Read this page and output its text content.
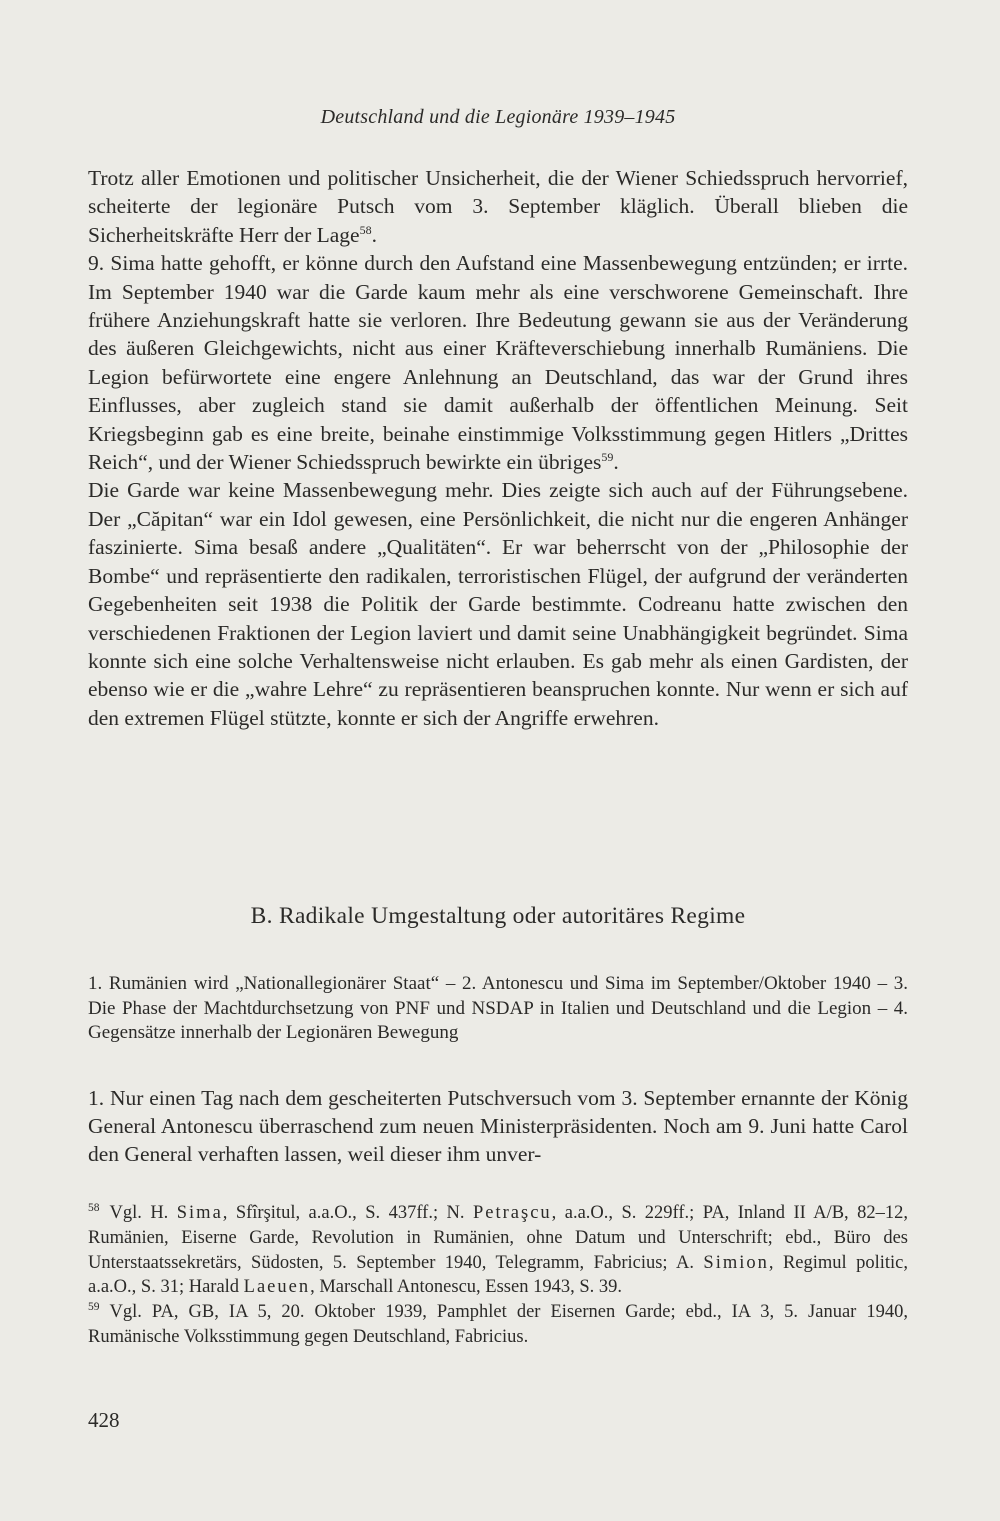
Deutschland und die Legionäre 1939–1945

Trotz aller Emotionen und politischer Unsicherheit, die der Wiener Schiedsspruch hervorrief, scheiterte der legionäre Putsch vom 3. September kläglich. Überall blieben die Sicherheitskräfte Herr der Lage$^{58}$.

9. Sima hatte gehofft, er könne durch den Aufstand eine Massenbewegung entzünden; er irrte. Im September 1940 war die Garde kaum mehr als eine verschworene Gemeinschaft. Ihre frühere Anziehungskraft hatte sie verloren. Ihre Bedeutung gewann sie aus der Veränderung des äußeren Gleichgewichts, nicht aus einer Kräfteverschiebung innerhalb Rumäniens. Die Legion befürwortete eine engere Anlehnung an Deutschland, das war der Grund ihres Einflusses, aber zugleich stand sie damit außerhalb der öffentlichen Meinung. Seit Kriegsbeginn gab es eine breite, beinahe einstimmige Volksstimmung gegen Hitlers „Drittes Reich“, und der Wiener Schiedsspruch bewirkte ein übriges$^{59}$.

Die Garde war keine Massenbewegung mehr. Dies zeigte sich auch auf der Führungsebene. Der „Căpitan“ war ein Idol gewesen, eine Persönlichkeit, die nicht nur die engeren Anhänger faszinierte. Sima besaß andere „Qualitäten“. Er war beherrscht von der „Philosophie der Bombe“ und repräsentierte den radikalen, terroristischen Flügel, der aufgrund der veränderten Gegebenheiten seit 1938 die Politik der Garde bestimmte. Codreanu hatte zwischen den verschiedenen Fraktionen der Legion laviert und damit seine Unabhängigkeit begründet. Sima konnte sich eine solche Verhaltensweise nicht erlauben. Es gab mehr als einen Gardisten, der ebenso wie er die „wahre Lehre“ zu repräsentieren beanspruchen konnte. Nur wenn er sich auf den extremen Flügel stützte, konnte er sich der Angriffe erwehren.

B. Radikale Umgestaltung oder autoritäres Regime
1. Rumänien wird „Nationallegionärer Staat“ – 2. Antonescu und Sima im September/Oktober 1940 – 3. Die Phase der Machtdurchsetzung von PNF und NSDAP in Italien und Deutschland und die Legion – 4. Gegensätze innerhalb der Legionären Bewegung
1. Nur einen Tag nach dem gescheiterten Putschversuch vom 3. September ernannte der König General Antonescu überraschend zum neuen Ministerpräsidenten. Noch am 9. Juni hatte Carol den General verhaften lassen, weil dieser ihm unver-

$^{58}$ Vgl. H. Sima, Sfîrşitul, a.a.O., S. 437ff.; N. Petraşcu, a.a.O., S. 229ff.; PA, Inland II A/B, 82–12, Rumänien, Eiserne Garde, Revolution in Rumänien, ohne Datum und Unterschrift; ebd., Büro des Unterstaatssekretärs, Südosten, 5. September 1940, Telegramm, Fabricius; A. Simion, Regimul politic, a.a.O., S. 31; Harald Laeuen, Marschall Antonescu, Essen 1943, S. 39.

$^{59}$ Vgl. PA, GB, IA 5, 20. Oktober 1939, Pamphlet der Eisernen Garde; ebd., IA 3, 5. Januar 1940, Rumänische Volksstimmung gegen Deutschland, Fabricius.

428
